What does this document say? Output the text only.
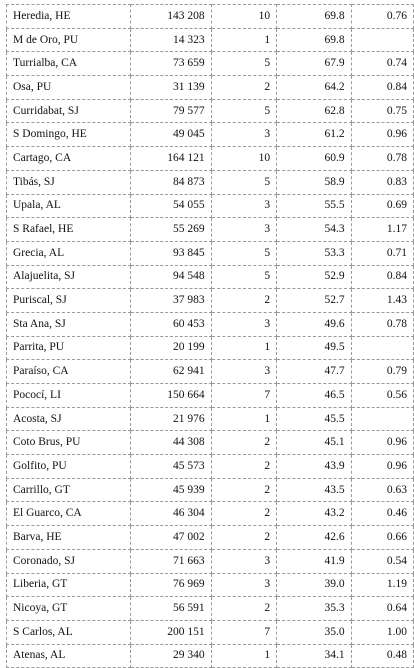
Heredia, HE	143 208	10	69.8	0.76
M de Oro, PU	14 323	1	69.8	
Turrialba, CA	73 659	5	67.9	0.74
Osa, PU	31 139	2	64.2	0.84
Curridabat, SJ	79 577	5	62.8	0.75
S Domingo, HE	49 045	3	61.2	0.96
Cartago, CA	164 121	10	60.9	0.78
Tibás, SJ	84 873	5	58.9	0.83
Upala, AL	54 055	3	55.5	0.69
S Rafael, HE	55 269	3	54.3	1.17
Grecia, AL	93 845	5	53.3	0.71
Alajuelita, SJ	94 548	5	52.9	0.84
Puriscal, SJ	37 983	2	52.7	1.43
Sta Ana, SJ	60 453	3	49.6	0.78
Parrita, PU	20 199	1	49.5	
Paraíso, CA	62 941	3	47.7	0.79
Pococí, LI	150 664	7	46.5	0.56
Acosta, SJ	21 976	1	45.5	
Coto Brus, PU	44 308	2	45.1	0.96
Golfito, PU	45 573	2	43.9	0.96
Carrillo, GT	45 939	2	43.5	0.63
El Guarco, CA	46 304	2	43.2	0.46
Barva, HE	47 002	2	42.6	0.66
Coronado, SJ	71 663	3	41.9	0.54
Liberia, GT	76 969	3	39.0	1.19
Nicoya, GT	56 591	2	35.3	0.64
S Carlos, AL	200 151	7	35.0	1.00
Atenas, AL	29 340	1	34.1	0.48
